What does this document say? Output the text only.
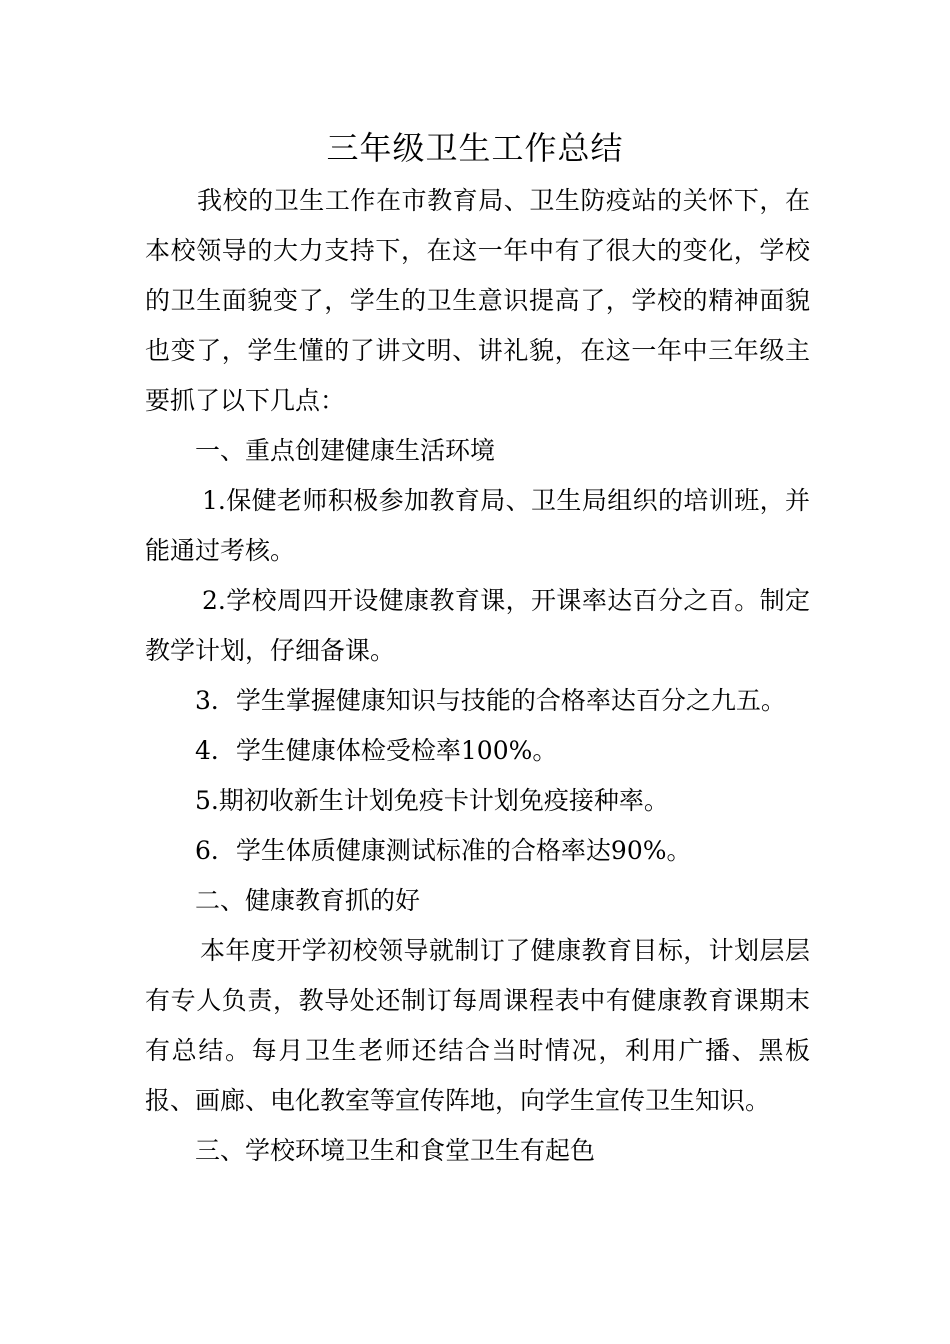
三年级卫生工作总结

我校的卫生工作在市教育局、卫生防疫站的关怀下，在本校领导的大力支持下，在这一年中有了很大的变化，学校的卫生面貌变了，学生的卫生意识提高了，学校的精神面貌也变了，学生懂的了讲文明、讲礼貌，在这一年中三年级主要抓了以下几点：

一、重点创建健康生活环境

1.保健老师积极参加教育局、卫生局组织的培训班，并能通过考核。

2.学校周四开设健康教育课，开课率达百分之百。制定教学计划，仔细备课。

3．学生掌握健康知识与技能的合格率达百分之九五。

4．学生健康体检受检率100%。

5.期初收新生计划免疫卡计划免疫接种率。

6．学生体质健康测试标准的合格率达90%。

二、健康教育抓的好

本年度开学初校领导就制订了健康教育目标，计划层层有专人负责，教导处还制订每周课程表中有健康教育课期末有总结。每月卫生老师还结合当时情况，利用广播、黑板报、画廊、电化教室等宣传阵地，向学生宣传卫生知识。

三、学校环境卫生和食堂卫生有起色
